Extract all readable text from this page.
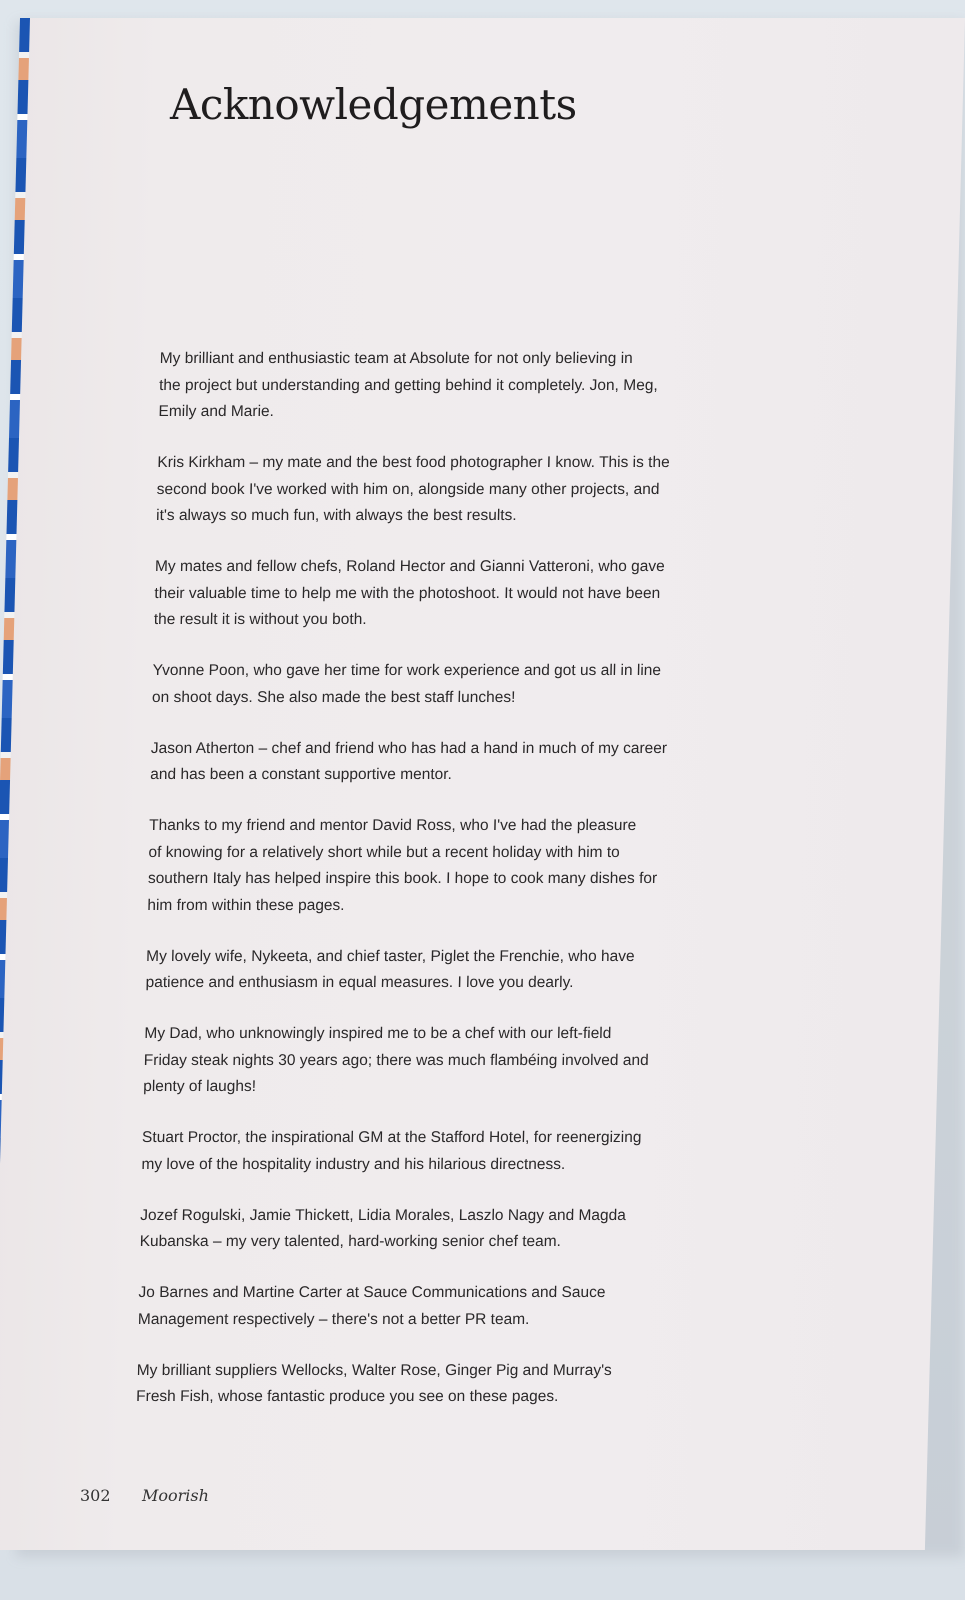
Acknowledgements

My brilliant and enthusiastic team at Absolute for not only believing in
the project but understanding and getting behind it completely. Jon, Meg,
Emily and Marie.

Kris Kirkham – my mate and the best food photographer I know. This is the
second book I've worked with him on, alongside many other projects, and
it's always so much fun, with always the best results.

My mates and fellow chefs, Roland Hector and Gianni Vatteroni, who gave
their valuable time to help me with the photoshoot. It would not have been
the result it is without you both.

Yvonne Poon, who gave her time for work experience and got us all in line
on shoot days. She also made the best staff lunches!

Jason Atherton – chef and friend who has had a hand in much of my career
and has been a constant supportive mentor.

Thanks to my friend and mentor David Ross, who I've had the pleasure
of knowing for a relatively short while but a recent holiday with him to
southern Italy has helped inspire this book. I hope to cook many dishes for
him from within these pages.

My lovely wife, Nykeeta, and chief taster, Piglet the Frenchie, who have
patience and enthusiasm in equal measures. I love you dearly.

My Dad, who unknowingly inspired me to be a chef with our left-field
Friday steak nights 30 years ago; there was much flambéing involved and
plenty of laughs!

Stuart Proctor, the inspirational GM at the Stafford Hotel, for reenergizing
my love of the hospitality industry and his hilarious directness.

Jozef Rogulski, Jamie Thickett, Lidia Morales, Laszlo Nagy and Magda
Kubanska – my very talented, hard-working senior chef team.

Jo Barnes and Martine Carter at Sauce Communications and Sauce
Management respectively – there's not a better PR team.

My brilliant suppliers Wellocks, Walter Rose, Ginger Pig and Murray's
Fresh Fish, whose fantastic produce you see on these pages.

302 Moorish
